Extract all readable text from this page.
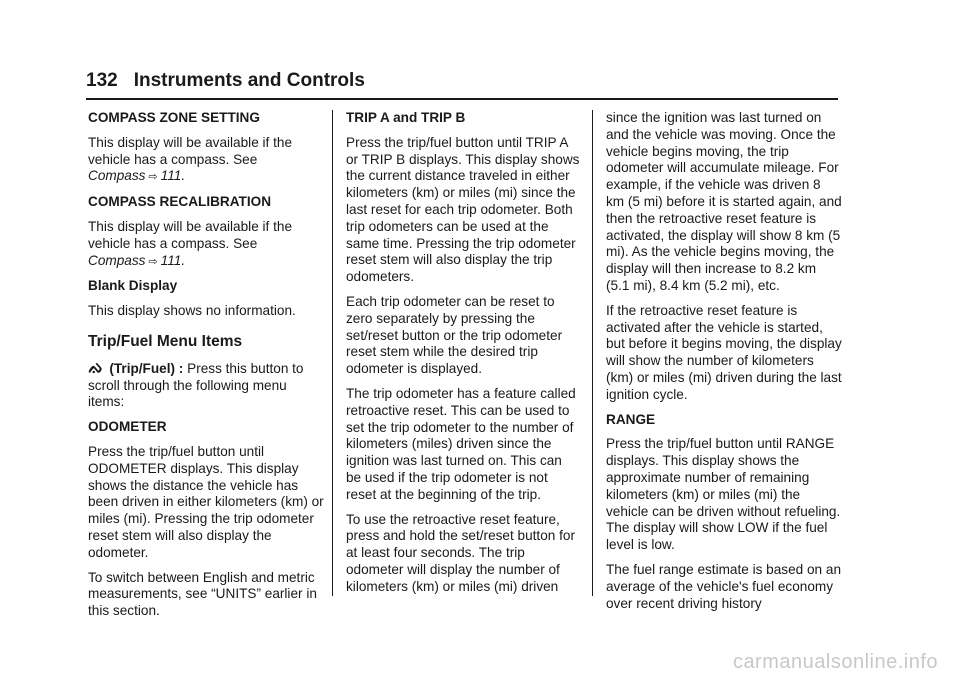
132 Instruments and Controls
COMPASS ZONE SETTING

This display will be available if the vehicle has a compass. See Compass ⇨ 111.

COMPASS RECALIBRATION

This display will be available if the vehicle has a compass. See Compass ⇨ 111.

Blank Display

This display shows no information.

Trip/Fuel Menu Items

ᨁ (Trip/Fuel) : Press this button to scroll through the following menu items:

ODOMETER

Press the trip/fuel button until ODOMETER displays. This display shows the distance the vehicle has been driven in either kilometers (km) or miles (mi). Pressing the trip odometer reset stem will also display the odometer.

To switch between English and metric measurements, see “UNITS” earlier in this section.

TRIP A and TRIP B

Press the trip/fuel button until TRIP A or TRIP B displays. This display shows the current distance traveled in either kilometers (km) or miles (mi) since the last reset for each trip odometer. Both trip odometers can be used at the same time. Pressing the trip odometer reset stem will also display the trip odometers.

Each trip odometer can be reset to zero separately by pressing the set/reset button or the trip odometer reset stem while the desired trip odometer is displayed.

The trip odometer has a feature called retroactive reset. This can be used to set the trip odometer to the number of kilometers (miles) driven since the ignition was last turned on. This can be used if the trip odometer is not reset at the beginning of the trip.

To use the retroactive reset feature, press and hold the set/reset button for at least four seconds. The trip odometer will display the number of kilometers (km) or miles (mi) driven

since the ignition was last turned on and the vehicle was moving. Once the vehicle begins moving, the trip odometer will accumulate mileage. For example, if the vehicle was driven 8 km (5 mi) before it is started again, and then the retroactive reset feature is activated, the display will show 8 km (5 mi). As the vehicle begins moving, the display will then increase to 8.2 km (5.1 mi), 8.4 km (5.2 mi), etc.

If the retroactive reset feature is activated after the vehicle is started, but before it begins moving, the display will show the number of kilometers (km) or miles (mi) driven during the last ignition cycle.

RANGE

Press the trip/fuel button until RANGE displays. This display shows the approximate number of remaining kilometers (km) or miles (mi) the vehicle can be driven without refueling. The display will show LOW if the fuel level is low.

The fuel range estimate is based on an average of the vehicle's fuel economy over recent driving history

carmanualsonline.info
